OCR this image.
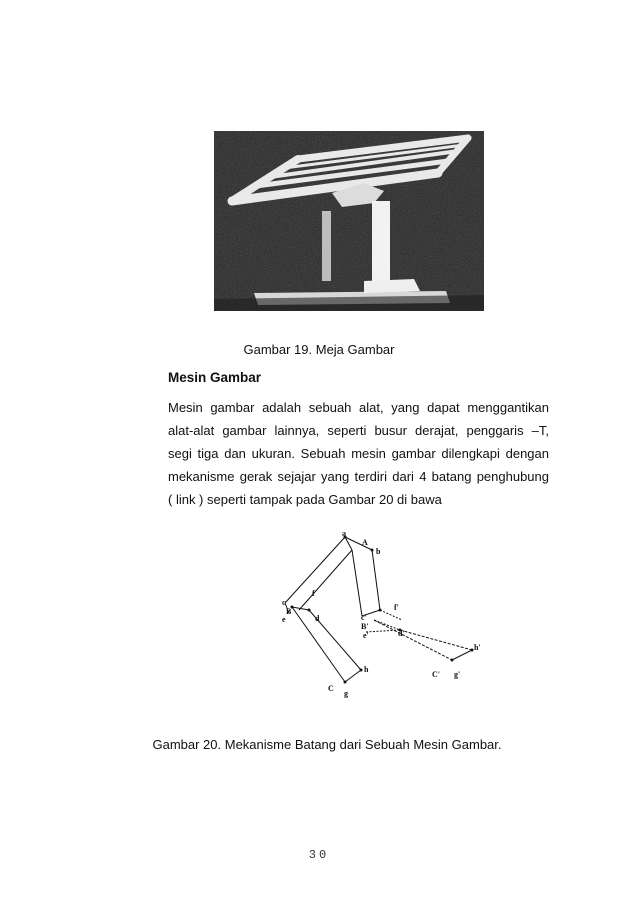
Gambar 19. Meja Gambar
Mesin Gambar
Mesin gambar adalah sebuah alat, yang dapat menggantikan
alat-alat gambar lainnya, seperti busur derajat, penggaris –T,
segi tiga dan ukuran. Sebuah mesin gambar dilengkapi dengan
mekanisme gerak sejajar yang terdiri dari 4 batang penghubung
( link ) seperti tampak pada Gambar 20 di bawa
a
A
b
c
f
B
e	d
h
C
g
c'
f'
B'
d'
e'
h'
C' g'
Gambar 20. Mekanisme Batang dari Sebuah Mesin Gambar.
30
